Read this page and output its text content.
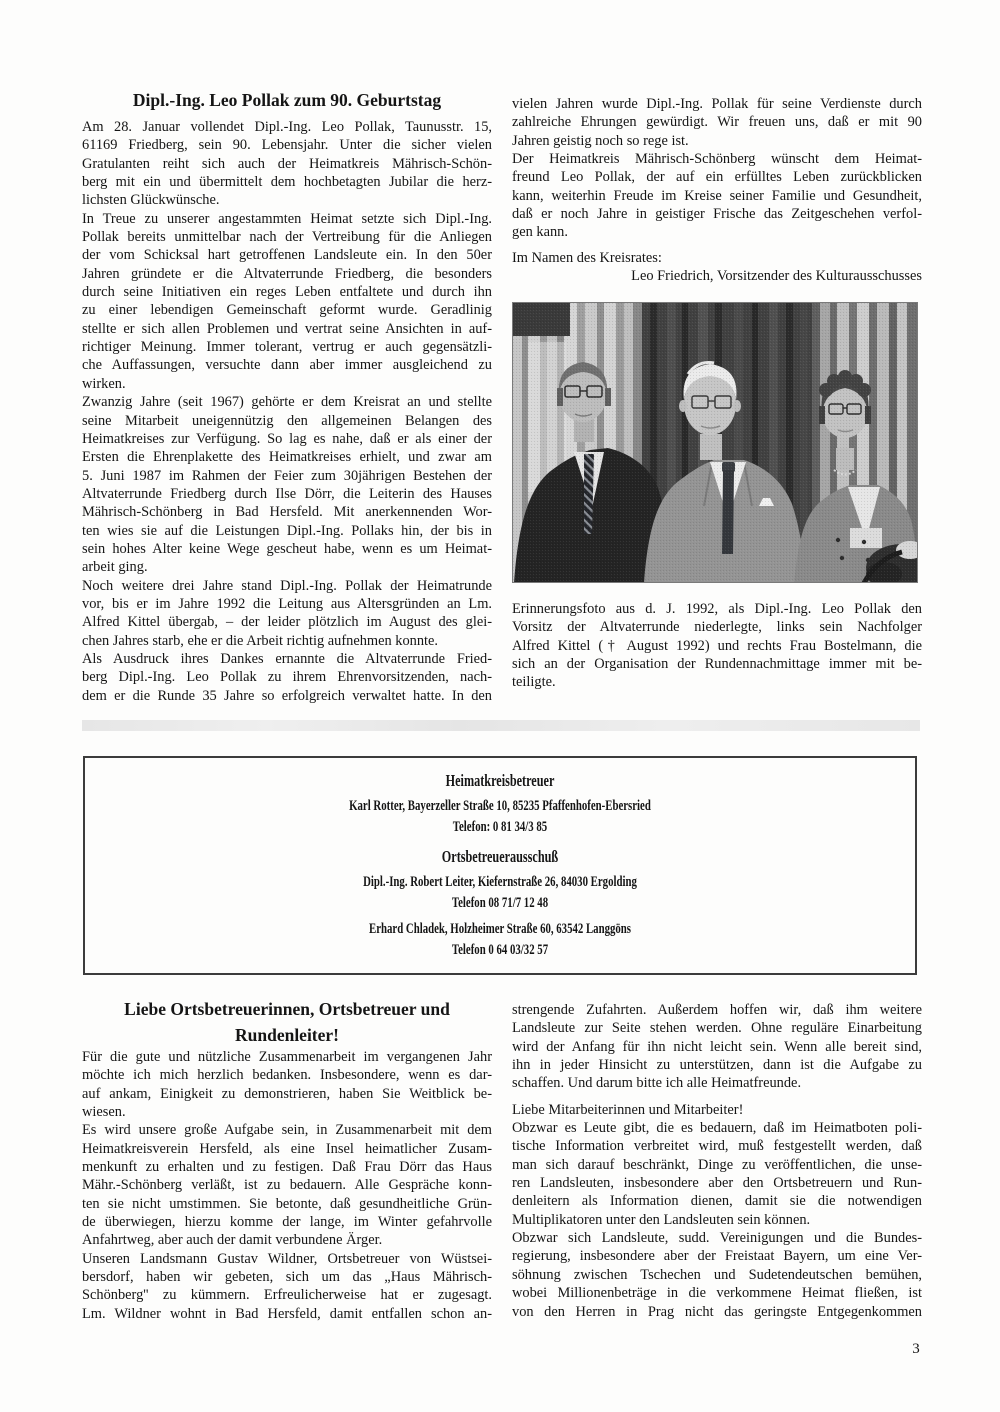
Dipl.-Ing. Leo Pollak zum 90. Geburtstag
Am 28. Januar vollendet Dipl.-Ing. Leo Pollak, Taunusstr. 15,
61169 Friedberg, sein 90. Lebensjahr. Unter die sicher vielen
Gratulanten reiht sich auch der Heimatkreis Mährisch-Schön-
berg mit ein und übermittelt dem hochbetagten Jubilar die herz-
lichsten Glückwünsche.
In Treue zu unserer angestammten Heimat setzte sich Dipl.-Ing.
Pollak bereits unmittelbar nach der Vertreibung für die Anliegen
der vom Schicksal hart getroffenen Landsleute ein. In den 50er
Jahren gründete er die Altvaterrunde Friedberg, die besonders
durch seine Initiativen ein reges Leben entfaltete und durch ihn
zu einer lebendigen Gemeinschaft geformt wurde. Geradlinig
stellte er sich allen Problemen und vertrat seine Ansichten in auf-
richtiger Meinung. Immer tolerant, vertrug er auch gegensätzli-
che Auffassungen, versuchte dann aber immer ausgleichend zu
wirken.
Zwanzig Jahre (seit 1967) gehörte er dem Kreisrat an und stellte
seine Mitarbeit uneigennützig den allgemeinen Belangen des
Heimatkreises zur Verfügung. So lag es nahe, daß er als einer der
Ersten die Ehrenplakette des Heimatkreises erhielt, und zwar am
5. Juni 1987 im Rahmen der Feier zum 30jährigen Bestehen der
Altvaterrunde Friedberg durch Ilse Dörr, die Leiterin des Hauses
Mährisch-Schönberg in Bad Hersfeld. Mit anerkennenden Wor-
ten wies sie auf die Leistungen Dipl.-Ing. Pollaks hin, der bis in
sein hohes Alter keine Wege gescheut habe, wenn es um Heimat-
arbeit ging.
Noch weitere drei Jahre stand Dipl.-Ing. Pollak der Heimatrunde
vor, bis er im Jahre 1992 die Leitung aus Altersgründen an Lm.
Alfred Kittel übergab, – der leider plötzlich im August des glei-
chen Jahres starb, ehe er die Arbeit richtig aufnehmen konnte.
Als Ausdruck ihres Dankes ernannte die Altvaterrunde Fried-
berg Dipl.-Ing. Leo Pollak zu ihrem Ehrenvorsitzenden, nach-
dem er die Runde 35 Jahre so erfolgreich verwaltet hatte. In den
vielen Jahren wurde Dipl.-Ing. Pollak für seine Verdienste durch
zahlreiche Ehrungen gewürdigt. Wir freuen uns, daß er mit 90
Jahren geistig noch so rege ist.
Der Heimatkreis Mährisch-Schönberg wünscht dem Heimat-
freund Leo Pollak, der auf ein erfülltes Leben zurückblicken
kann, weiterhin Freude im Kreise seiner Familie und Gesundheit,
daß er noch Jahre in geistiger Frische das Zeitgeschehen verfol-
gen kann.
Im Namen des Kreisrates:
Leo Friedrich, Vorsitzender des Kulturausschusses
Erinnerungsfoto aus d. J. 1992, als Dipl.-Ing. Leo Pollak den
Vorsitz der Altvaterrunde niederlegte, links sein Nachfolger
Alfred Kittel († August 1992) und rechts Frau Bostelmann, die
sich an der Organisation der Rundennachmittage immer mit be-
teiligte.
Heimatkreisbetreuer
Karl Rotter, Bayerzeller Straße 10, 85235 Pfaffenhofen-Ebersried
Telefon: 0 81 34/3 85
Ortsbetreuerausschuß
Dipl.-Ing. Robert Leiter, Kiefernstraße 26, 84030 Ergolding
Telefon 08 71/7 12 48
Erhard Chladek, Holzheimer Straße 60, 63542 Langgöns
Telefon 0 64 03/32 57
Liebe Ortsbetreuerinnen, Ortsbetreuer und
Rundenleiter!
Für die gute und nützliche Zusammenarbeit im vergangenen Jahr
möchte ich mich herzlich bedanken. Insbesondere, wenn es dar-
auf ankam, Einigkeit zu demonstrieren, haben Sie Weitblick be-
wiesen.
Es wird unsere große Aufgabe sein, in Zusammenarbeit mit dem
Heimatkreisverein Hersfeld, als eine Insel heimatlicher Zusam-
menkunft zu erhalten und zu festigen. Daß Frau Dörr das Haus
Mähr.-Schönberg verläßt, ist zu bedauern. Alle Gespräche konn-
ten sie nicht umstimmen. Sie betonte, daß gesundheitliche Grün-
de überwiegen, hierzu komme der lange, im Winter gefahrvolle
Anfahrtweg, aber auch der damit verbundene Ärger.
Unseren Landsmann Gustav Wildner, Ortsbetreuer von Wüstsei-
bersdorf, haben wir gebeten, sich um das „Haus Mährisch-
Schönberg'' zu kümmern. Erfreulicherweise hat er zugesagt.
Lm. Wildner wohnt in Bad Hersfeld, damit entfallen schon an-
strengende Zufahrten. Außerdem hoffen wir, daß ihm weitere
Landsleute zur Seite stehen werden. Ohne reguläre Einarbeitung
wird der Anfang für ihn nicht leicht sein. Wenn alle bereit sind,
ihn in jeder Hinsicht zu unterstützen, dann ist die Aufgabe zu
schaffen. Und darum bitte ich alle Heimatfreunde.
Liebe Mitarbeiterinnen und Mitarbeiter!
Obzwar es Leute gibt, die es bedauern, daß im Heimatboten poli-
tische Information verbreitet wird, muß festgestellt werden, daß
man sich darauf beschränkt, Dinge zu veröffentlichen, die unse-
ren Landsleuten, insbesondere aber den Ortsbetreuern und Run-
denleitern als Information dienen, damit sie die notwendigen
Multiplikatoren unter den Landsleuten sein können.
Obzwar sich Landsleute, sudd. Vereinigungen und die Bundes-
regierung, insbesondere aber der Freistaat Bayern, um eine Ver-
söhnung zwischen Tschechen und Sudetendeutschen bemühen,
wobei Millionenbeträge in die verkommene Heimat fließen, ist
von den Herren in Prag nicht das geringste Entgegenkommen
3
